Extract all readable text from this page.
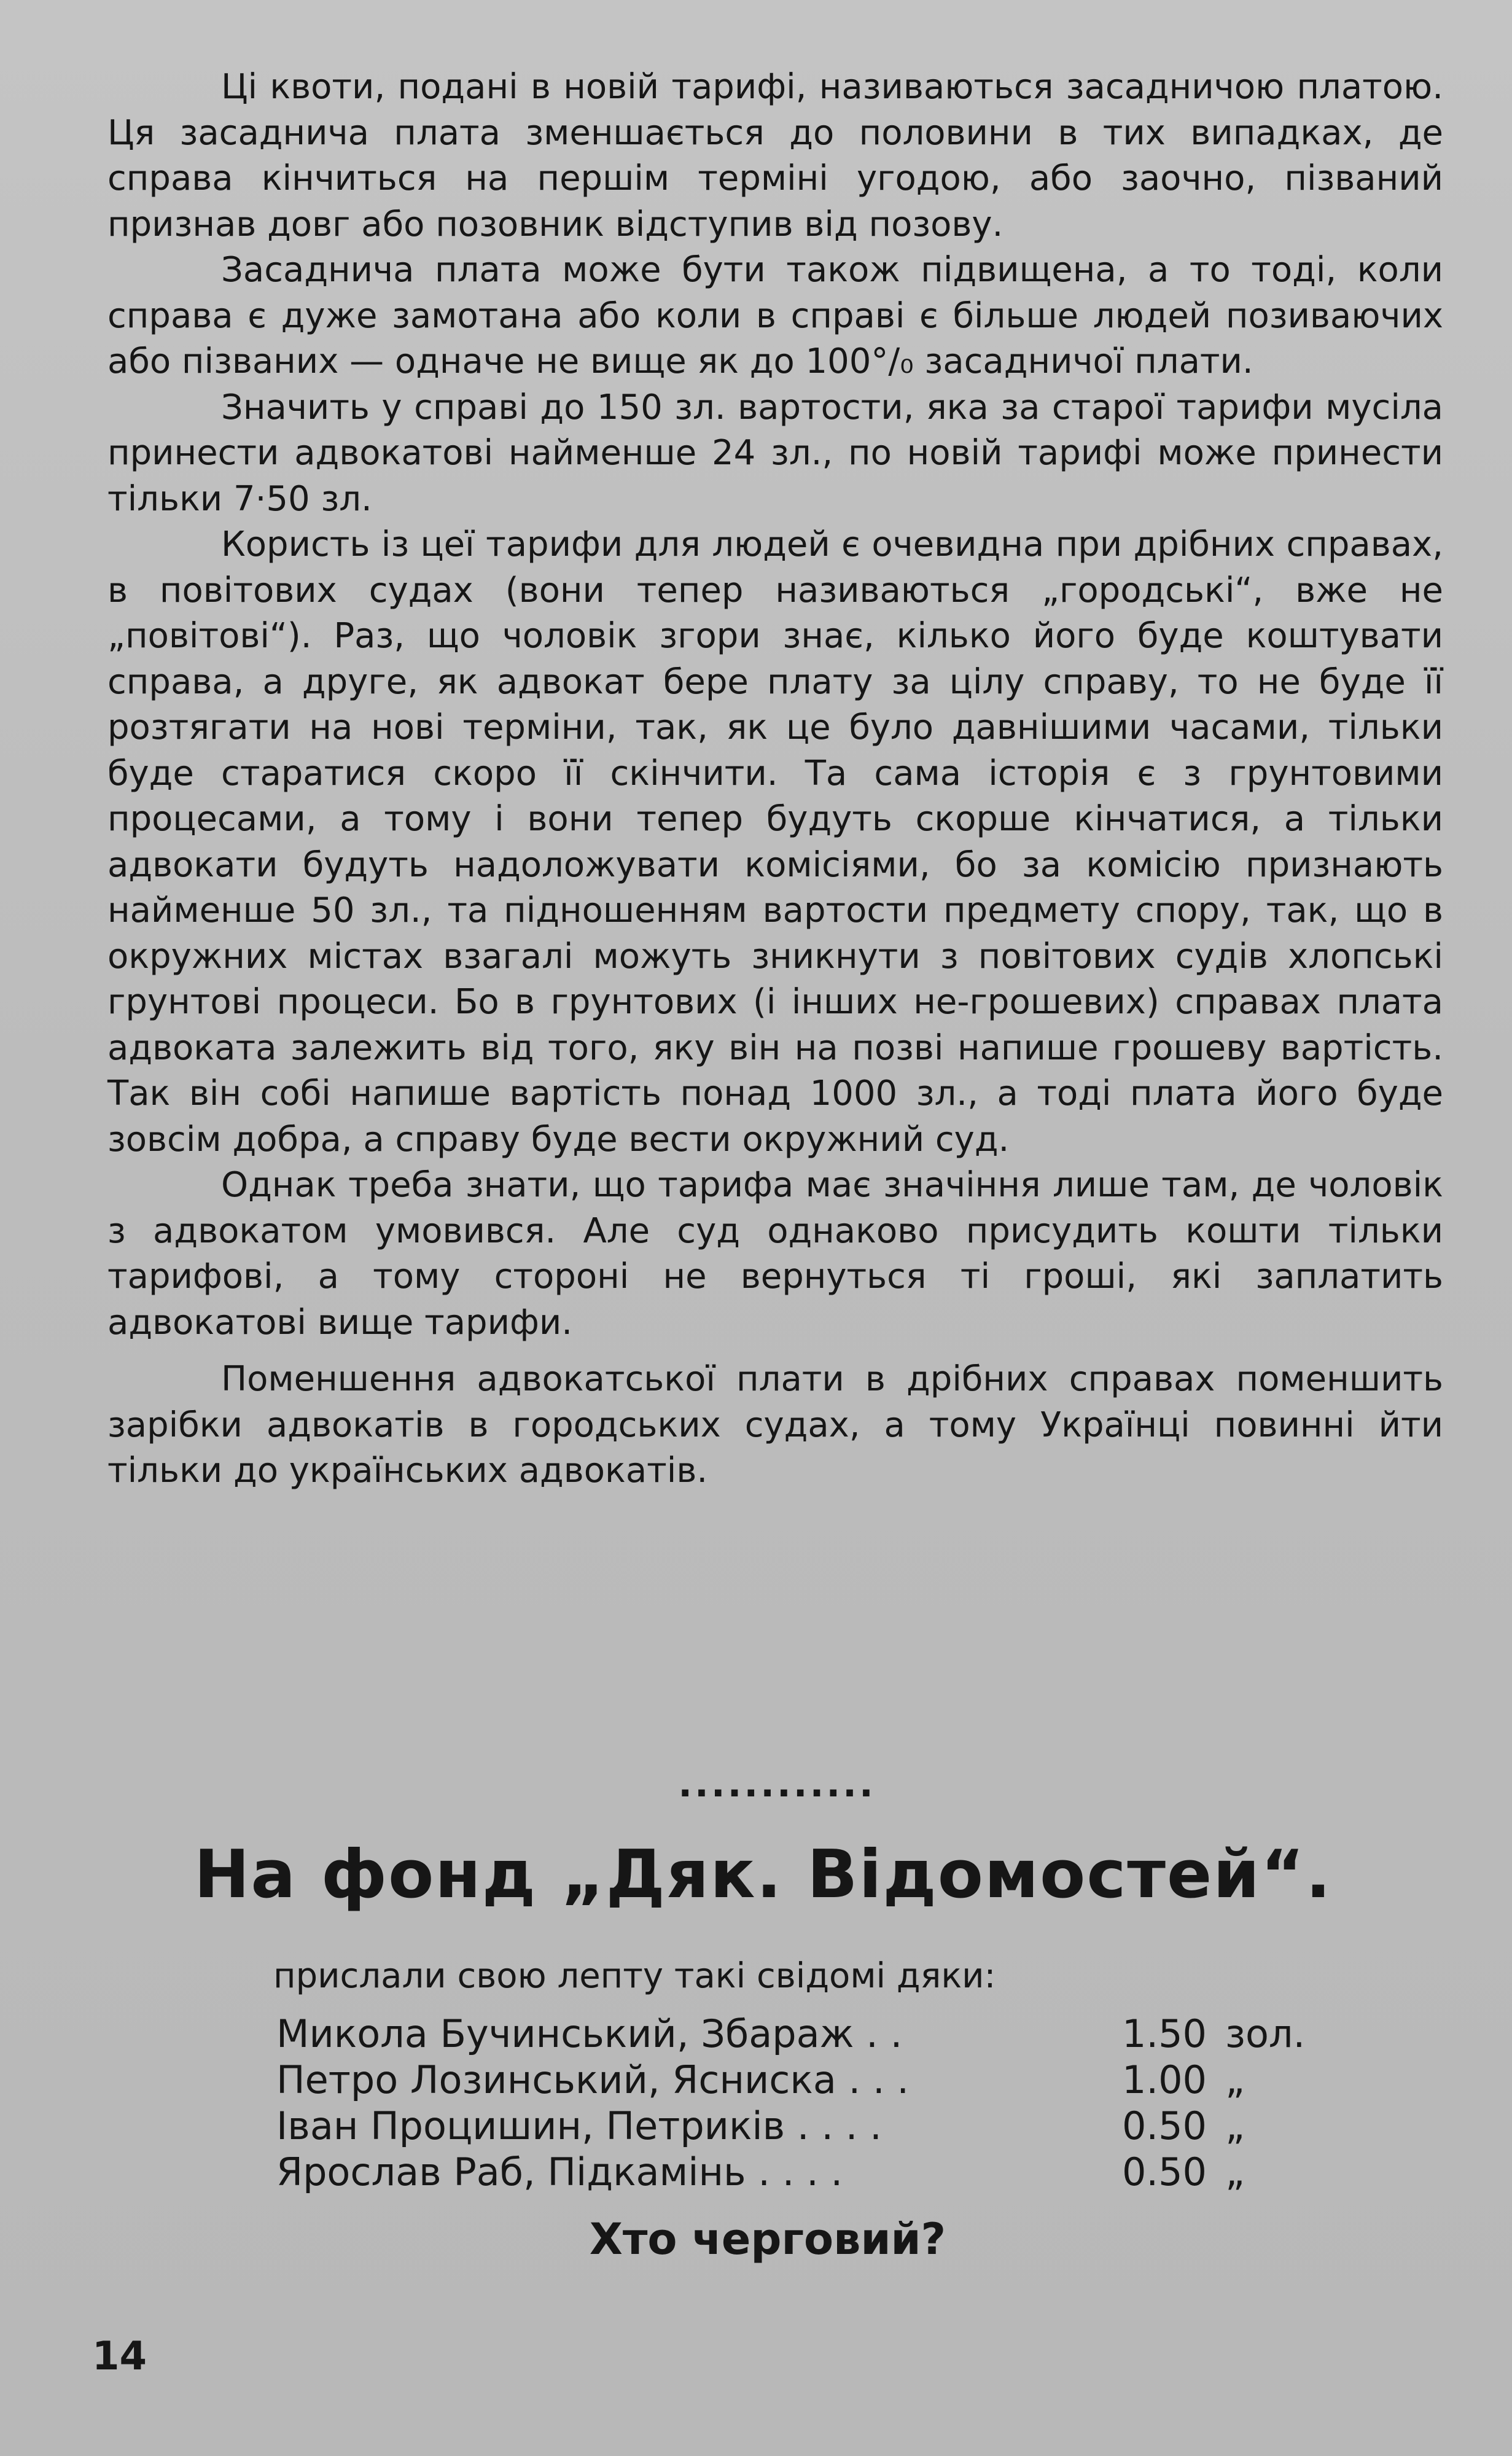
Ці квоти, подані в новій тарифі, називаються засадничою платою. Ця засаднича плата зменшається до половини в тих випадках, де справа кінчиться на першім терміні угодою, або заочно, пізваний признав довг або позовник відступив від позову.

Засаднича плата може бути також підвищена, а то тоді, коли справа є дуже замотана або коли в справі є більше людей позиваючих або пізваних — одначе не вище як до 100°/₀ засадничої плати.

Значить у справі до 150 зл. вартости, яка за старої тарифи мусіла принести адвокатові найменше 24 зл., по новій тарифі може принести тільки 7·50 зл.

Користь із цеї тарифи для людей є очевидна при дрібних справах, в повітових судах (вони тепер називаються „городські“, вже не „повітові“). Раз, що чоловік згори знає, кілько його буде коштувати справа, а друге, як адвокат бере плату за цілу справу, то не буде її розтягати на нові терміни, так, як це було давнішими часами, тільки буде старатися скоро її скінчити. Та сама історія є з грунтовими процесами, а тому і вони тепер будуть скорше кінчатися, а тільки адвокати будуть надоложувати комісіями, бо за комісію признають найменше 50 зл., та підношенням вартости предмету спору, так, що в окружних містах взагалі можуть зникнути з повітових судів хлопські грунтові процеси. Бо в грунтових (і інших не-грошевих) справах плата адвоката залежить від того, яку він на позві напише грошеву вартість. Так він собі напише вартість понад 1000 зл., а тоді плата його буде зовсім добра, а справу буде вести окружний суд.

Однак треба знати, що тарифа має значіння лише там, де чоловік з адвокатом умовився. Але суд однаково присудить кошти тільки тарифові, а тому стороні не вернуться ті гроші, які заплатить адвокатові вище тарифи.

Поменшення адвокатської плати в дрібних справах поменшить зарібки адвокатів в городських судах, а тому Українці повинні йти тільки до українських адвокатів.

............
На фонд „Дяк. Відомостей“.
прислали свою лепту такі свідомі дяки:
Микола Бучинський, Збараж . .	1.50 зол.
Петро Лозинський, Ясниска . . .	1.00 „
Іван Процишин, Петриків . . . .	0.50 „
Ярослав Раб, Підкамінь . . . .	0.50 „
Хто черговий?
14
